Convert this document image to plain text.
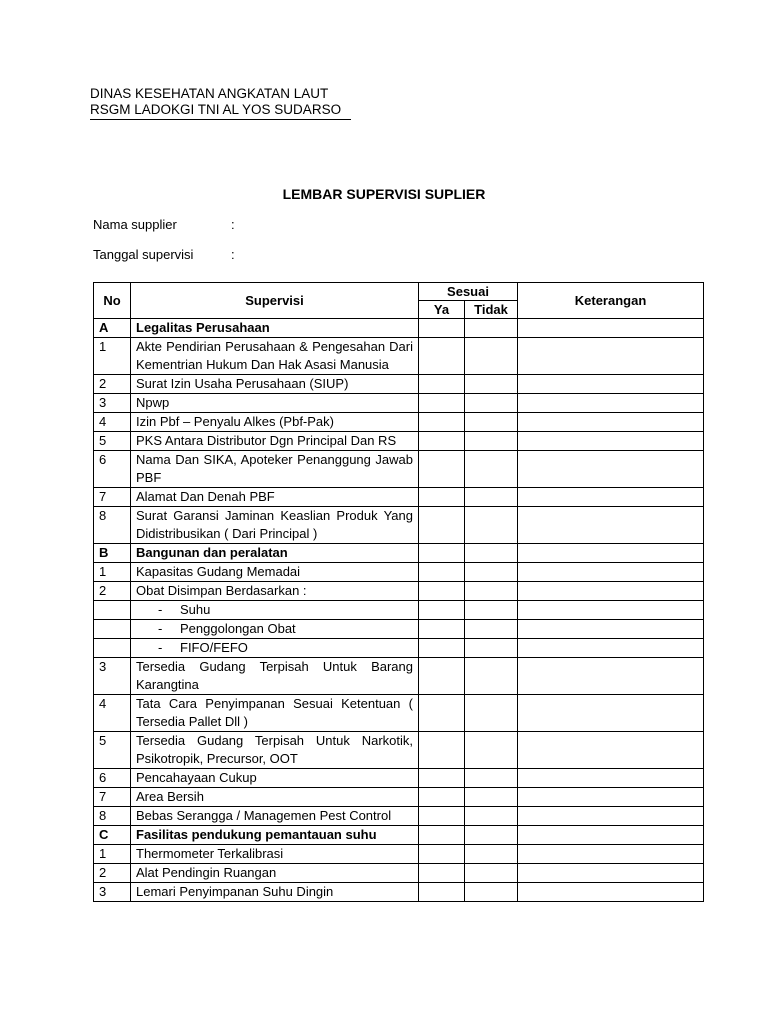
DINAS KESEHATAN ANGKATAN LAUT
RSGM LADOKGI TNI AL YOS SUDARSO
LEMBAR SUPERVISI SUPLIER
Nama supplier	:
Tanggal supervisi	:
No	Supervisi	Sesuai		Keterangan
		Ya	Tidak	
A	Legalitas Perusahaan			
1	Akte Pendirian Perusahaan & Pengesahan Dari Kementrian Hukum Dan Hak Asasi Manusia			
2	Surat Izin Usaha Perusahaan (SIUP)			
3	Npwp			
4	Izin Pbf – Penyalu Alkes (Pbf-Pak)			
5	PKS Antara Distributor Dgn Principal Dan RS			
6	Nama Dan SIKA, Apoteker Penanggung Jawab PBF			
7	Alamat Dan Denah PBF			
8	Surat Garansi Jaminan Keaslian Produk Yang Didistribusikan ( Dari Principal )			
B	Bangunan dan peralatan			
1	Kapasitas Gudang Memadai			
2	Obat Disimpan Berdasarkan :			
	- Suhu			
	- Penggolongan Obat			
	- FIFO/FEFO			
3	Tersedia Gudang Terpisah Untuk Barang Karangtina			
4	Tata Cara Penyimpanan Sesuai Ketentuan ( Tersedia Pallet Dll )			
5	Tersedia Gudang Terpisah Untuk Narkotik, Psikotropik, Precursor, OOT			
6	Pencahayaan Cukup			
7	Area Bersih			
8	Bebas Serangga / Managemen Pest Control			
C	Fasilitas pendukung pemantauan suhu			
1	Thermometer Terkalibrasi			
2	Alat Pendingin Ruangan			
3	Lemari Penyimpanan Suhu Dingin			
